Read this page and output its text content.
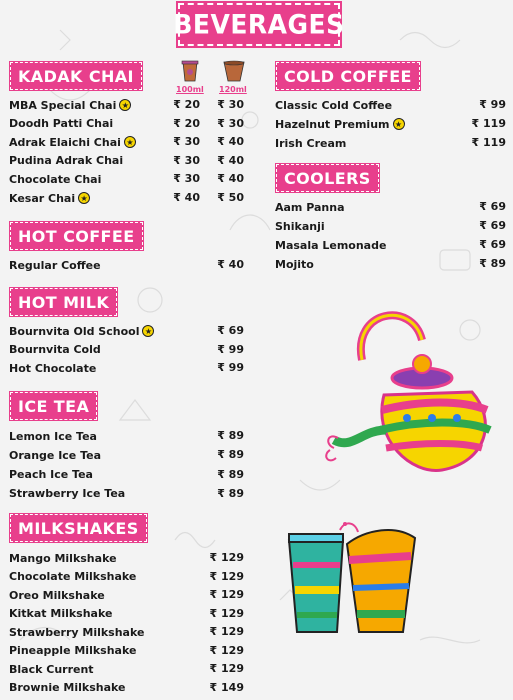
BEVERAGES
KADAK CHAI
100ml 120ml
MBA Special Chai ★	₹ 20	₹ 30
Doodh Patti Chai	₹ 20	₹ 30
Adrak Elaichi Chai ★	₹ 30	₹ 40
Pudina Adrak Chai	₹ 30	₹ 40
Chocolate Chai	₹ 30	₹ 40
Kesar Chai ★	₹ 40	₹ 50
HOT COFFEE
Regular Coffee	₹ 40
HOT MILK
Bournvita Old School ★	₹ 69
Bournvita Cold	₹ 99
Hot Chocolate	₹ 99
ICE TEA
Lemon Ice Tea	₹ 89
Orange Ice Tea	₹ 89
Peach Ice Tea	₹ 89
Strawberry Ice Tea	₹ 89
MILKSHAKES
Mango Milkshake	₹ 129
Chocolate Milkshake	₹ 129
Oreo Milkshake	₹ 129
Kitkat Milkshake	₹ 129
Strawberry Milkshake	₹ 129
Pineapple Milkshake	₹ 129
Black Current	₹ 129
Brownie Milkshake	₹ 149
COLD COFFEE
Classic Cold Coffee	₹ 99
Hazelnut Premium ★	₹ 119
Irish Cream	₹ 119
COOLERS
Aam Panna	₹ 69
Shikanji	₹ 69
Masala Lemonade	₹ 69
Mojito	₹ 89
